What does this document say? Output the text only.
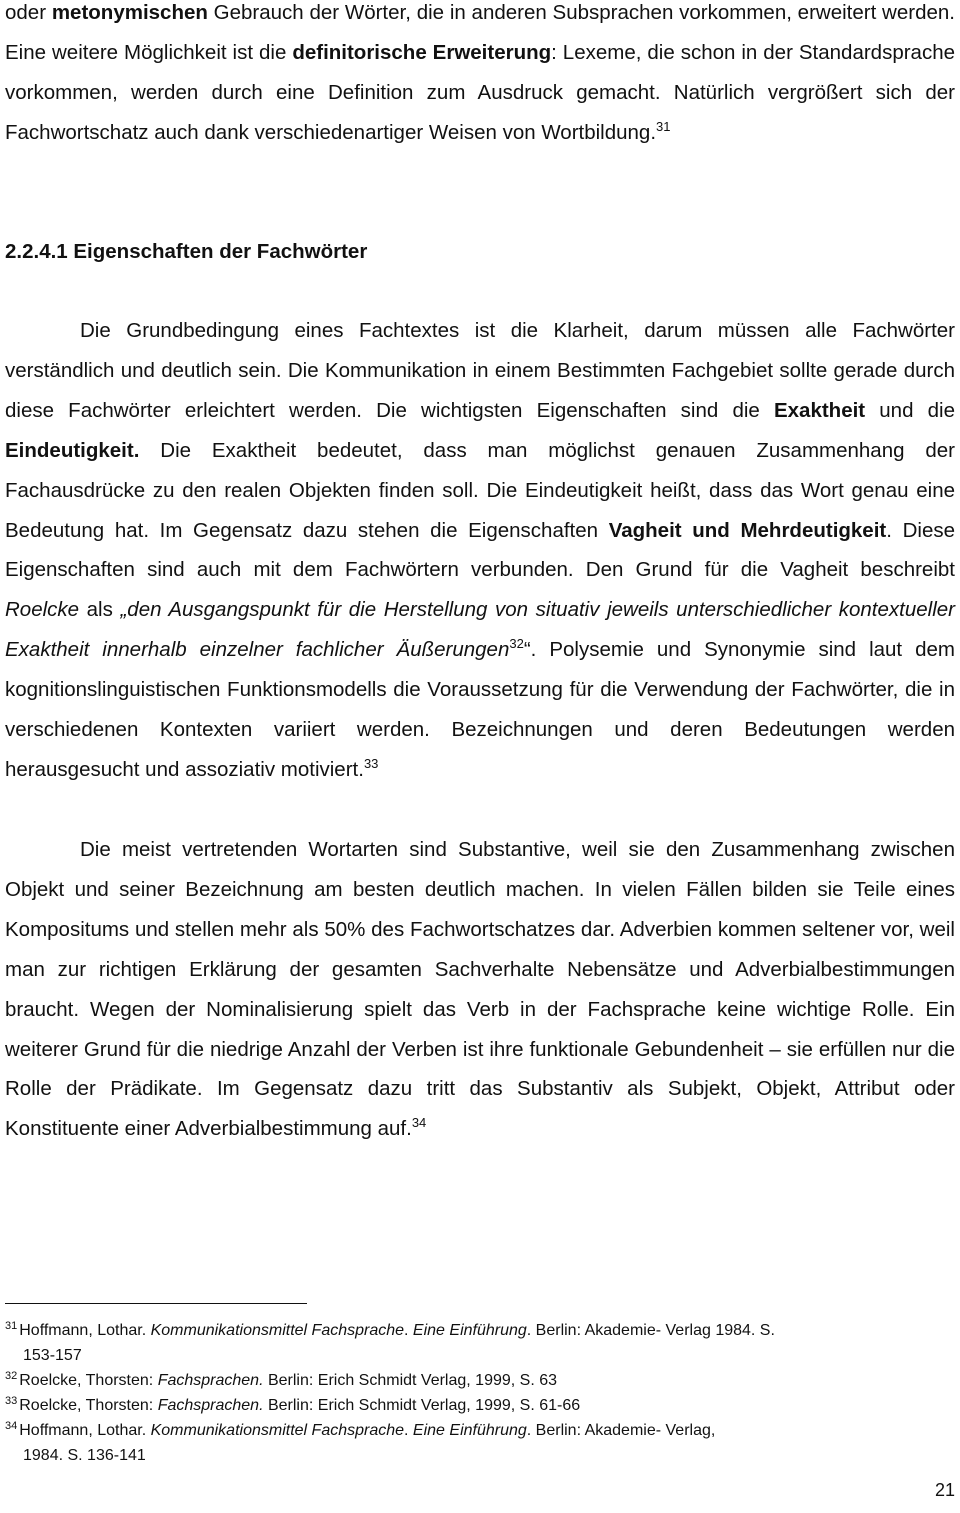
oder metonymischen Gebrauch der Wörter, die in anderen Subsprachen vorkommen, erweitert werden. Eine weitere Möglichkeit ist die definitorische Erweiterung: Lexeme, die schon in der Standardsprache vorkommen, werden durch eine Definition zum Ausdruck gemacht. Natürlich vergrößert sich der Fachwortschatz auch dank verschiedenartiger Weisen von Wortbildung.$^{31}$

2.2.4.1 Eigenschaften der Fachwörter

Die Grundbedingung eines Fachtextes ist die Klarheit, darum müssen alle Fachwörter verständlich und deutlich sein. Die Kommunikation in einem Bestimmten Fachgebiet sollte gerade durch diese Fachwörter erleichtert werden. Die wichtigsten Eigenschaften sind die Exaktheit und die Eindeutigkeit. Die Exaktheit bedeutet, dass man möglichst genauen Zusammenhang der Fachausdrücke zu den realen Objekten finden soll. Die Eindeutigkeit heißt, dass das Wort genau eine Bedeutung hat. Im Gegensatz dazu stehen die Eigenschaften Vagheit und Mehrdeutigkeit. Diese Eigenschaften sind auch mit dem Fachwörtern verbunden. Den Grund für die Vagheit beschreibt Roelcke als „den Ausgangspunkt für die Herstellung von situativ jeweils unterschiedlicher kontextueller Exaktheit innerhalb einzelner fachlicher Äußerungen$^{32}$“. Polysemie und Synonymie sind laut dem kognitionslinguistischen Funktionsmodells die Voraussetzung für die Verwendung der Fachwörter, die in verschiedenen Kontexten variiert werden. Bezeichnungen und deren Bedeutungen werden herausgesucht und assoziativ motiviert.$^{33}$

Die meist vertretenden Wortarten sind Substantive, weil sie den Zusammenhang zwischen Objekt und seiner Bezeichnung am besten deutlich machen. In vielen Fällen bilden sie Teile eines Kompositums und stellen mehr als 50% des Fachwortschatzes dar. Adverbien kommen seltener vor, weil man zur richtigen Erklärung der gesamten Sachverhalte Nebensätze und Adverbialbestimmungen braucht. Wegen der Nominalisierung spielt das Verb in der Fachsprache keine wichtige Rolle. Ein weiterer Grund für die niedrige Anzahl der Verben ist ihre funktionale Gebundenheit – sie erfüllen nur die Rolle der Prädikate. Im Gegensatz dazu tritt das Substantiv als Subjekt, Objekt, Attribut oder Konstituente einer Adverbialbestimmung auf.$^{34}$

$^{31}$ Hoffmann, Lothar. Kommunikationsmittel Fachsprache. Eine Einführung. Berlin: Akademie- Verlag 1984. S.
153-157

$^{32}$ Roelcke, Thorsten: Fachsprachen. Berlin: Erich Schmidt Verlag, 1999, S. 63

$^{33}$ Roelcke, Thorsten: Fachsprachen. Berlin: Erich Schmidt Verlag, 1999, S. 61-66

$^{34}$ Hoffmann, Lothar. Kommunikationsmittel Fachsprache. Eine Einführung. Berlin: Akademie- Verlag,
1984. S. 136-141

21
